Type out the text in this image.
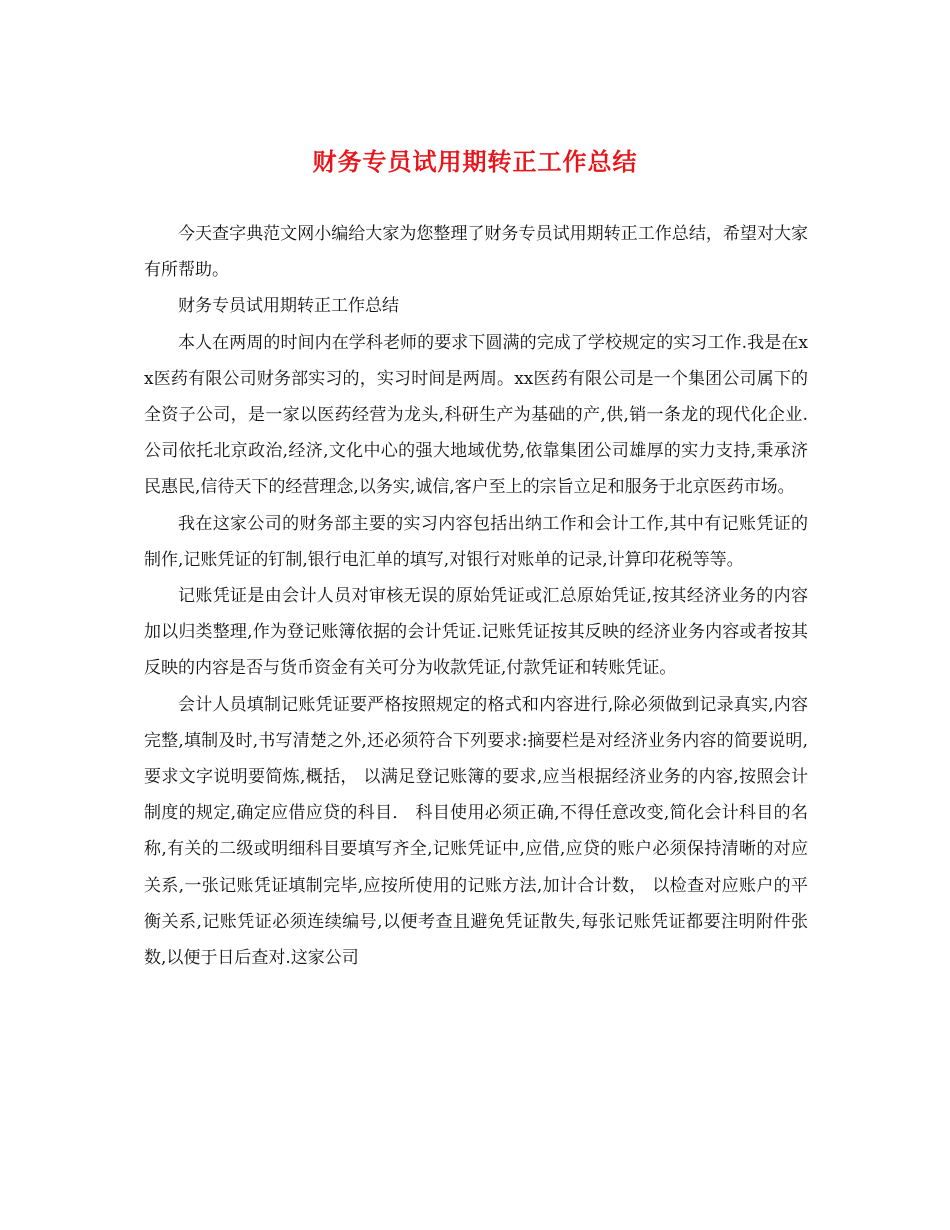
财务专员试用期转正工作总结

今天查字典范文网小编给大家为您整理了财务专员试用期转正工作总结，希望对大家有所帮助。

财务专员试用期转正工作总结

本人在两周的时间内在学科老师的要求下圆满的完成了学校规定的实习工作.我是在xx医药有限公司财务部实习的，实习时间是两周。xx医药有限公司是一个集团公司属下的全资子公司，是一家以医药经营为龙头,科研生产为基础的产,供,销一条龙的现代化企业.公司依托北京政治,经济,文化中心的强大地域优势,依靠集团公司雄厚的实力支持,秉承济民惠民,信待天下的经营理念,以务实,诚信,客户至上的宗旨立足和服务于北京医药市场。

我在这家公司的财务部主要的实习内容包括出纳工作和会计工作,其中有记账凭证的制作,记账凭证的钉制,银行电汇单的填写,对银行对账单的记录,计算印花税等等。

记账凭证是由会计人员对审核无误的原始凭证或汇总原始凭证,按其经济业务的内容加以归类整理,作为登记账簿依据的会计凭证.记账凭证按其反映的经济业务内容或者按其反映的内容是否与货币资金有关可分为收款凭证,付款凭证和转账凭证。

会计人员填制记账凭证要严格按照规定的格式和内容进行,除必须做到记录真实,内容完整,填制及时,书写清楚之外,还必须符合下列要求:摘要栏是对经济业务内容的简要说明,要求文字说明要简炼,概括， 以满足登记账簿的要求,应当根据经济业务的内容,按照会计制度的规定,确定应借应贷的科目． 科目使用必须正确,不得任意改变,简化会计科目的名称,有关的二级或明细科目要填写齐全,记账凭证中,应借,应贷的账户必须保持清晰的对应关系,一张记账凭证填制完毕,应按所使用的记账方法,加计合计数， 以检查对应账户的平衡关系,记账凭证必须连续编号,以便考查且避免凭证散失,每张记账凭证都要注明附件张数,以便于日后查对.这家公司
